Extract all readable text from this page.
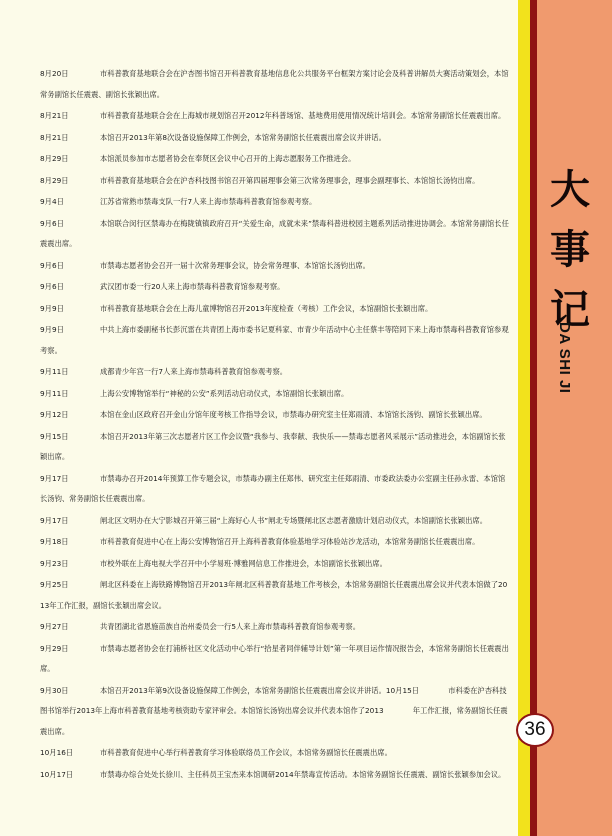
大
事
记
DA SHI JI
36
8月20日	市科普教育基地联合会在沪杏图书馆召开科普教育基地信息化公共服务平台框架方案讨论会及科普讲解员大赛活动策划会，本馆常务副馆长任震震、副馆长张颖出席。
8月21日	市科普教育基地联合会在上海城市规划馆召开2012年科普场馆、基地费用使用情况统计培训会。本馆常务副馆长任震震出席。
8月21日	本馆召开2013年第8次设备设施保障工作例会，本馆常务副馆长任震震出席会议并讲话。
8月29日	本馆派员参加市志愿者协会在奉贤区会议中心召开的上海志愿服务工作推进会。
8月29日	市科普教育基地联合会在沪杏科技图书馆召开第四届理事会第三次常务理事会，理事会副理事长、本馆馆长汤钧出席。
9月4日	江苏省常熟市禁毒支队一行7人来上海市禁毒科普教育馆参观考察。
9月6日	本馆联合闵行区禁毒办在梅陇镇镇政府召开“关爱生命，成就未来”禁毒科普进校园主题系列活动推进协调会。本馆常务副馆长任震震出席。
9月6日	市禁毒志愿者协会召开一届十次常务理事会议，协会常务理事、本馆馆长汤钧出席。
9月6日	武汉团市委一行20人来上海市禁毒科普教育馆参观考察。
9月9日	市科普教育基地联合会在上海儿童博物馆召开2013年度检查（考核）工作会议，本馆副馆长张颖出席。
9月9日	中共上海市委副秘书长彭沉雷在共青团上海市委书记夏科家、市青少年活动中心主任蔡丰等陪同下来上海市禁毒科普教育馆参观考察。
9月11日	成都青少年宫一行7人来上海市禁毒科普教育馆参观考察。
9月11日	上海公安博物馆举行“神秘的公安”系列活动启动仪式，本馆副馆长张颖出席。
9月12日	本馆在金山区政府召开金山分馆年度考核工作指导会议，市禁毒办研究室主任郑雨清、本馆馆长汤钧、副馆长张颖出席。
9月15日	本馆召开2013年第三次志愿者片区工作会议暨“我参与、我奉献、我快乐——禁毒志愿者风采展示”活动推进会，本馆副馆长张颖出席。
9月17日	市禁毒办召开2014年预算工作专题会议，市禁毒办副主任郑伟、研究室主任郑雨清、市委政法委办公室副主任孙永雷、本馆馆长汤钧、常务副馆长任震震出席。
9月17日	闸北区文明办在大宁影城召开第三届“上海好心人书”闸北专场暨闸北区志愿者激励计划启动仪式，本馆副馆长张颖出席。
9月18日	市科普教育促进中心在上海公安博物馆召开上海科普教育体验基地学习体验站沙龙活动，本馆常务副馆长任震震出席。
9月23日	市校外联在上海电视大学召开中小学易班·博雅网信息工作推进会，本馆副馆长张颖出席。
9月25日	闸北区科委在上海铁路博物馆召开2013年闸北区科普教育基地工作考核会，本馆常务副馆长任震震出席会议并代表本馆做了2013年工作汇报，副馆长张颖出席会议。
9月27日	共青团湖北省恩施苗族自治州委员会一行5人来上海市禁毒科普教育馆参观考察。
9月29日	市禁毒志愿者协会在打浦桥社区文化活动中心举行“拾星者同伴辅导计划”第一年项目运作情况报告会，本馆常务副馆长任震震出席。
9月30日	本馆召开2013年第9次设备设施保障工作例会，本馆常务副馆长任震震出席会议并讲话。10月15日　　　　市科委在沪杏科技图书馆举行2013年上海市科普教育基地考核资助专家评审会。本馆馆长汤钧出席会议并代表本馆作了2013　　　　年工作汇报，常务副馆长任震震出席。
10月16日	市科普教育促进中心举行科普教育学习体验联络员工作会议，本馆常务副馆长任震震出席。
10月17日	市禁毒办综合处处长徐川、主任科员王宝杰来本馆调研2014年禁毒宣传活动。本馆常务副馆长任震震、副馆长张颖参加会议。
